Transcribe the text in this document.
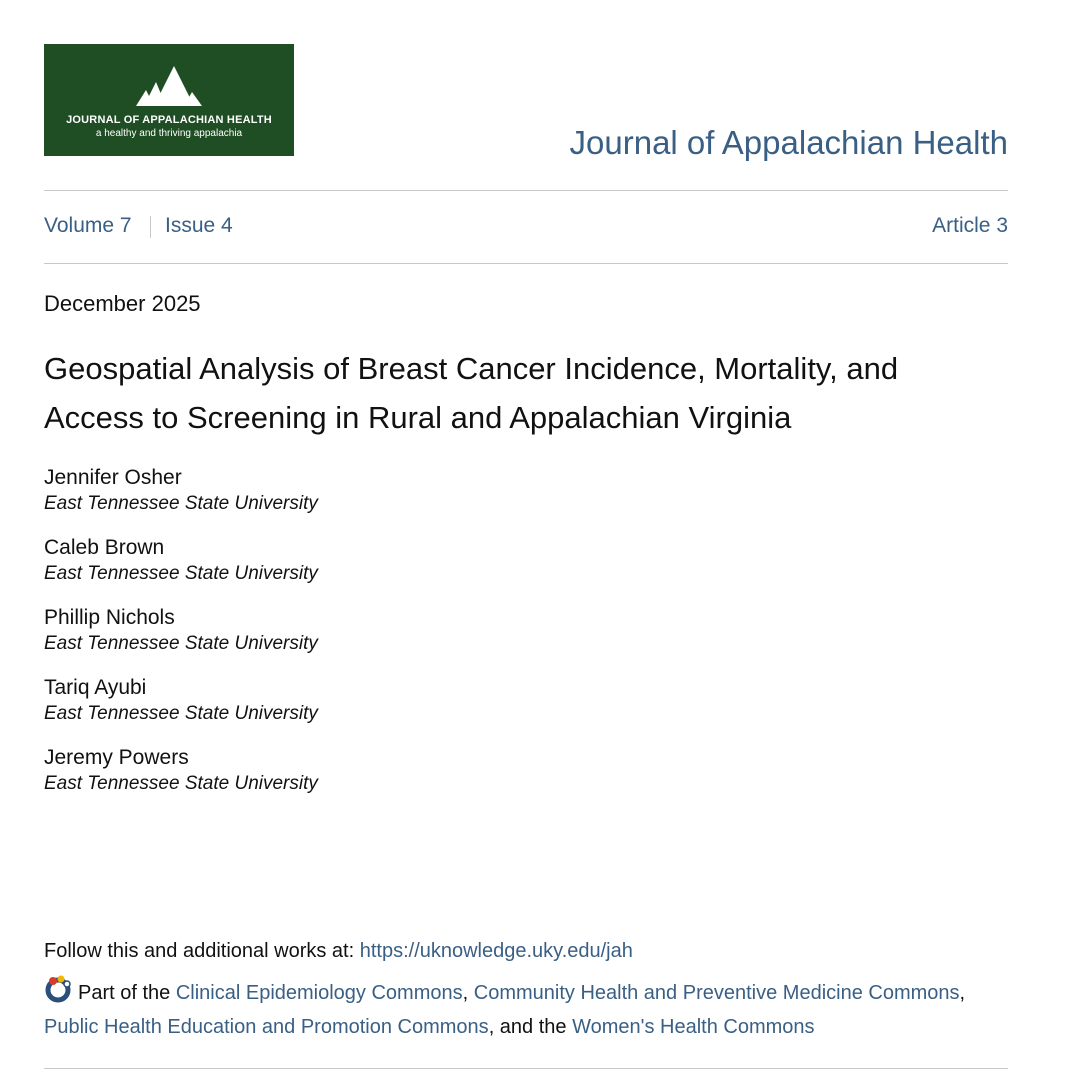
JOURNAL OF APPALACHIAN HEALTH
a healthy and thriving appalachia	Journal of Appalachian Health
Volume 7 Issue 4	Article 3
December 2025
Geospatial Analysis of Breast Cancer Incidence, Mortality, and Access to Screening in Rural and Appalachian Virginia
Jennifer Osher
East Tennessee State University
Caleb Brown
East Tennessee State University
Phillip Nichols
East Tennessee State University
Tariq Ayubi
East Tennessee State University
Jeremy Powers
East Tennessee State University
Follow this and additional works at: https://uknowledge.uky.edu/jah
Part of the Clinical Epidemiology Commons, Community Health and Preventive Medicine Commons, Public Health Education and Promotion Commons, and the Women's Health Commons
